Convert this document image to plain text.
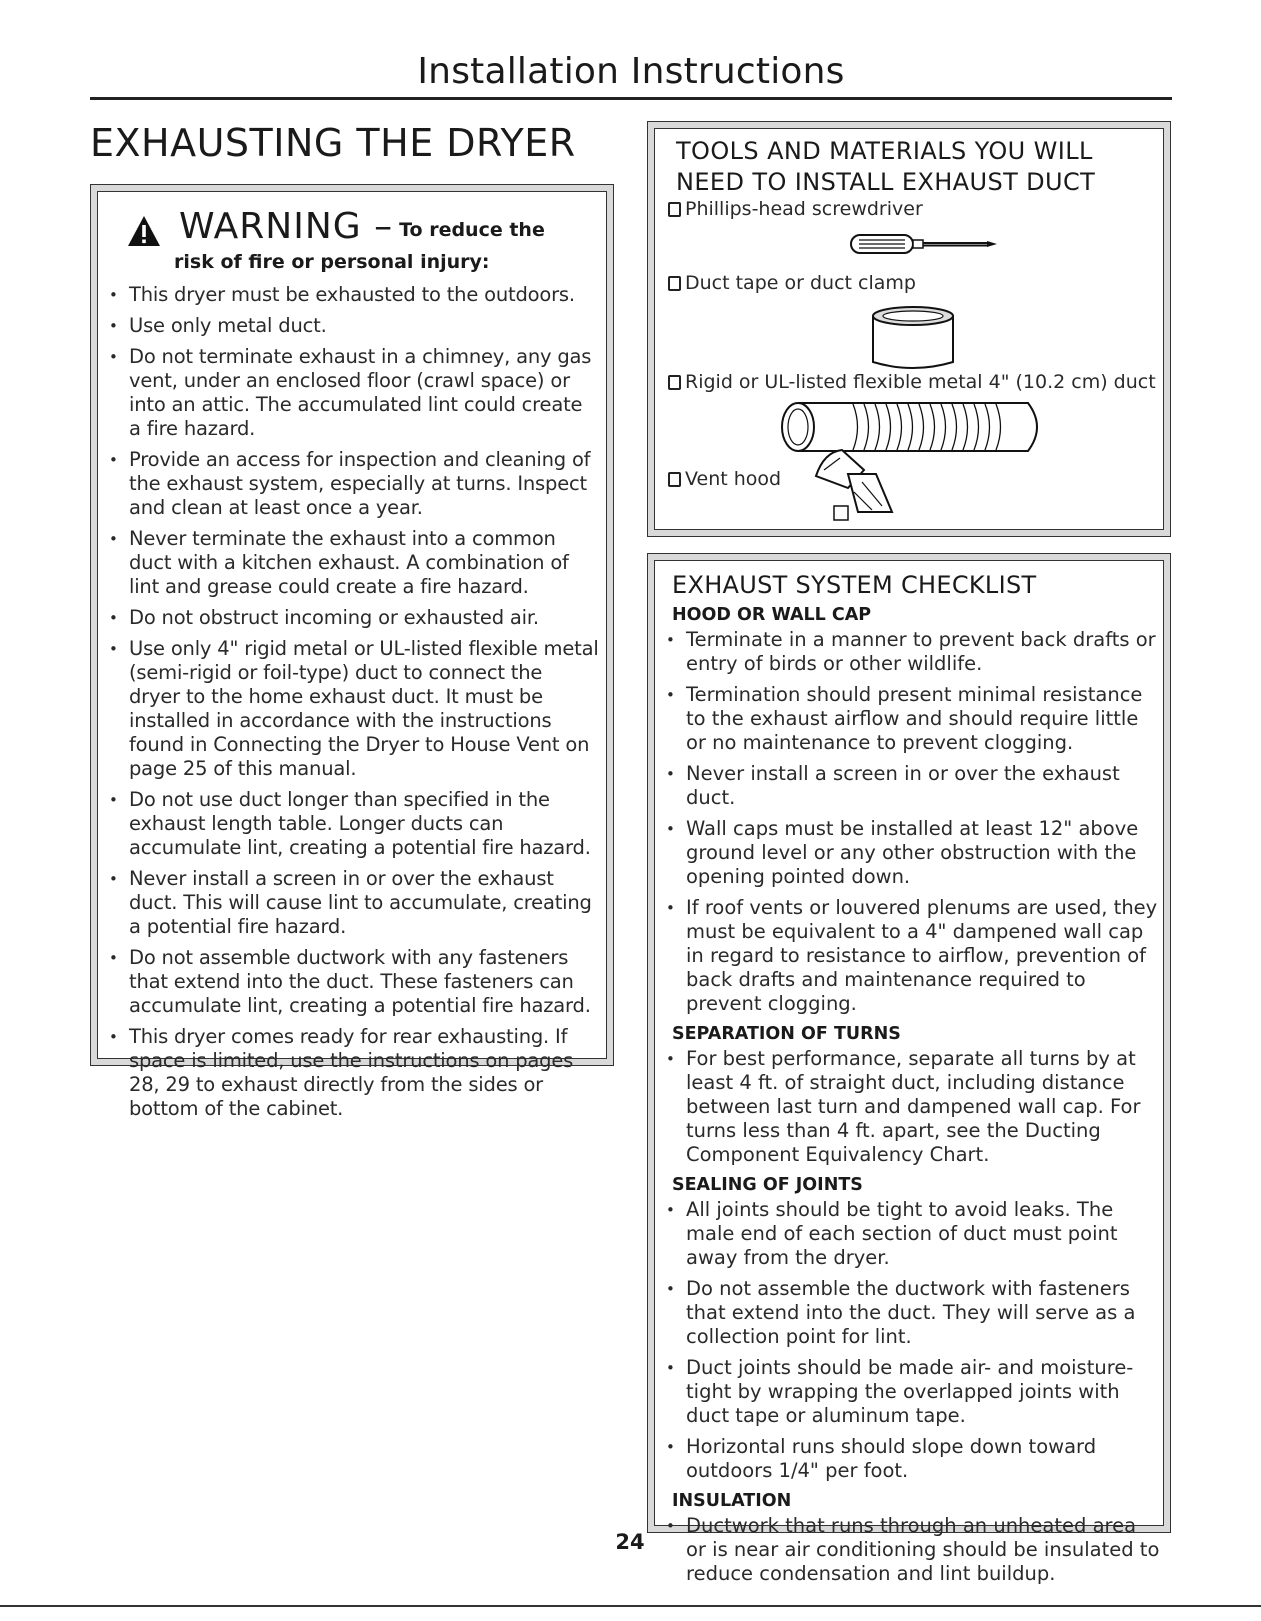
Installation Instructions
EXHAUSTING THE DRYER
WARNING – To reduce the
risk of fire or personal injury:
• This dryer must be exhausted to the outdoors.
• Use only metal duct.
• Do not terminate exhaust in a chimney, any gas vent, under an enclosed floor (crawl space) or into an attic. The accumulated lint could create a fire hazard.
• Provide an access for inspection and cleaning of the exhaust system, especially at turns. Inspect and clean at least once a year.
• Never terminate the exhaust into a common duct with a kitchen exhaust. A combination of lint and grease could create a fire hazard.
• Do not obstruct incoming or exhausted air.
• Use only 4" rigid metal or UL-listed flexible metal (semi-rigid or foil-type) duct to connect the dryer to the home exhaust duct. It must be installed in accordance with the instructions found in Connecting the Dryer to House Vent on page 25 of this manual.
• Do not use duct longer than specified in the exhaust length table. Longer ducts can accumulate lint, creating a potential fire hazard.
• Never install a screen in or over the exhaust duct. This will cause lint to accumulate, creating a potential fire hazard.
• Do not assemble ductwork with any fasteners that extend into the duct. These fasteners can accumulate lint, creating a potential fire hazard.
• This dryer comes ready for rear exhausting. If space is limited, use the instructions on pages 28, 29 to exhaust directly from the sides or bottom of the cabinet.
TOOLS AND MATERIALS YOU WILL
NEED TO INSTALL EXHAUST DUCT
Phillips-head screwdriver
Duct tape or duct clamp
Rigid or UL-listed flexible metal 4" (10.2 cm) duct
Vent hood
EXHAUST SYSTEM CHECKLIST
HOOD OR WALL CAP
• Terminate in a manner to prevent back drafts or entry of birds or other wildlife.
• Termination should present minimal resistance to the exhaust airflow and should require little or no maintenance to prevent clogging.
• Never install a screen in or over the exhaust duct.
• Wall caps must be installed at least 12" above ground level or any other obstruction with the opening pointed down.
• If roof vents or louvered plenums are used, they must be equivalent to a 4" dampened wall cap in regard to resistance to airflow, prevention of back drafts and maintenance required to prevent clogging.
SEPARATION OF TURNS
• For best performance, separate all turns by at least 4 ft. of straight duct, including distance between last turn and dampened wall cap. For turns less than 4 ft. apart, see the Ducting Component Equivalency Chart.
SEALING OF JOINTS
• All joints should be tight to avoid leaks. The male end of each section of duct must point away from the dryer.
• Do not assemble the ductwork with fasteners that extend into the duct. They will serve as a collection point for lint.
• Duct joints should be made air- and moisture-tight by wrapping the overlapped joints with duct tape or aluminum tape.
• Horizontal runs should slope down toward outdoors 1/4" per foot.
INSULATION
• Ductwork that runs through an unheated area or is near air conditioning should be insulated to reduce condensation and lint buildup.
24
